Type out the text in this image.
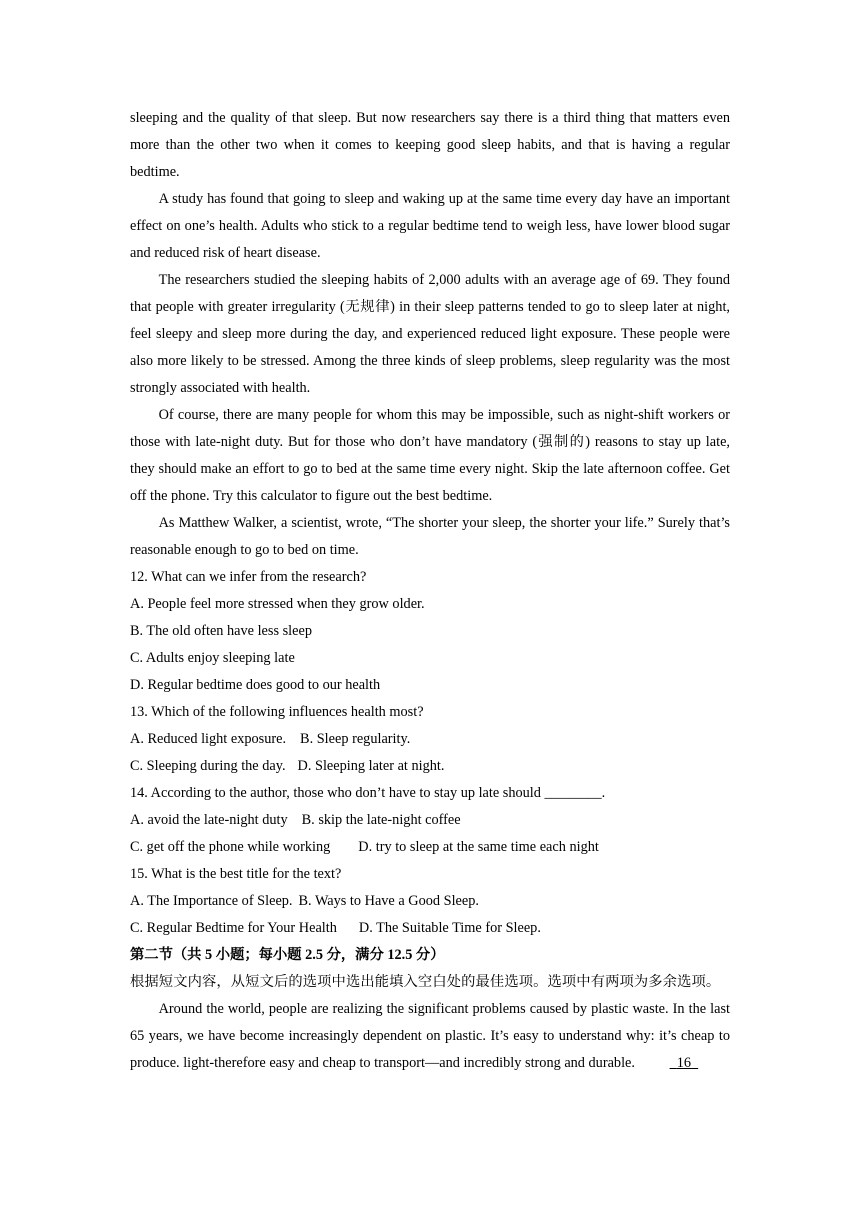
sleeping and the quality of that sleep. But now researchers say there is a third thing that matters even more than the other two when it comes to keeping good sleep habits, and that is having a regular bedtime.

A study has found that going to sleep and waking up at the same time every day have an important effect on one’s health. Adults who stick to a regular bedtime tend to weigh less, have lower blood sugar and reduced risk of heart disease.

The researchers studied the sleeping habits of 2,000 adults with an average age of 69. They found that people with greater irregularity (无规律) in their sleep patterns tended to go to sleep later at night, feel sleepy and sleep more during the day, and experienced reduced light exposure. These people were also more likely to be stressed. Among the three kinds of sleep problems, sleep regularity was the most strongly associated with health.

Of course, there are many people for whom this may be impossible, such as night-shift workers or those with late-night duty. But for those who don’t have mandatory (强制的) reasons to stay up late, they should make an effort to go to bed at the same time every night. Skip the late afternoon coffee. Get off the phone. Try this calculator to figure out the best bedtime.

As Matthew Walker, a scientist, wrote, “The shorter your sleep, the shorter your life.” Surely that’s reasonable enough to go to bed on time.

12. What can we infer from the research?

A. People feel more stressed when they grow older.

B. The old often have less sleep

C. Adults enjoy sleeping late

D. Regular bedtime does good to our health

13. Which of the following influences health most?

A. Reduced light exposure. B. Sleep regularity.

C. Sleeping during the day. D. Sleeping later at night.

14. According to the author, those who don’t have to stay up late should ________.

A. avoid the late-night duty B. skip the late-night coffee

C. get off the phone while working D. try to sleep at the same time each night

15. What is the best title for the text?

A. The Importance of Sleep. B. Ways to Have a Good Sleep.

C. Regular Bedtime for Your Health D. The Suitable Time for Sleep.

第二节（共 5 小题；每小题 2.5 分，满分 12.5 分）

根据短文内容，从短文后的选项中选出能填入空白处的最佳选项。选项中有两项为多余选项。

Around the world, people are realizing the significant problems caused by plastic waste. In the last 65 years, we have become increasingly dependent on plastic. It’s easy to understand why: it’s cheap to produce. light-therefore easy and cheap to transport—and incredibly strong and durable.	16
